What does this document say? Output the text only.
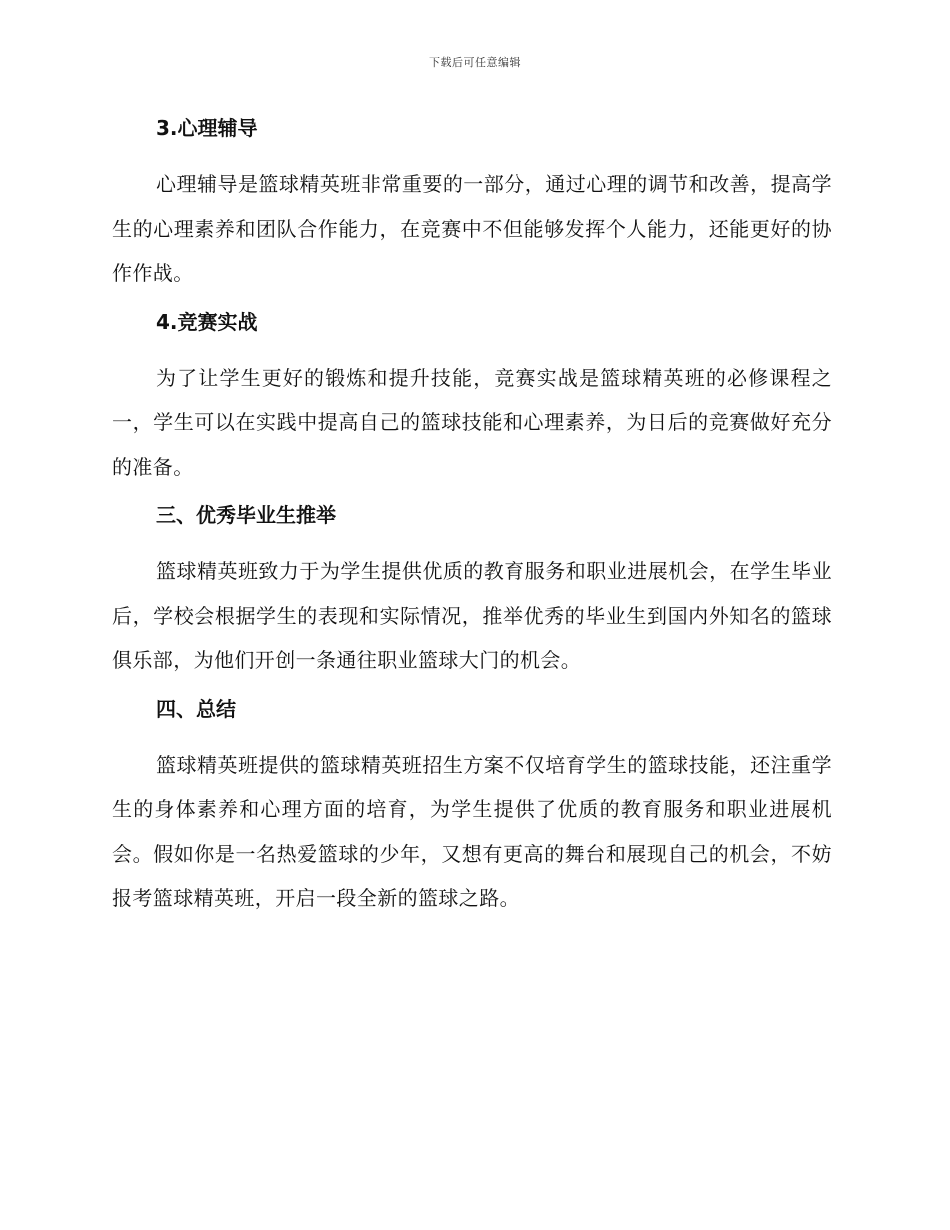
下载后可任意编辑
3.心理辅导

心理辅导是篮球精英班非常重要的一部分，通过心理的调节和改善，提高学生的心理素养和团队合作能力，在竞赛中不但能够发挥个人能力，还能更好的协作作战。

4.竞赛实战

为了让学生更好的锻炼和提升技能，竞赛实战是篮球精英班的必修课程之一，学生可以在实践中提高自己的篮球技能和心理素养，为日后的竞赛做好充分的准备。

三、优秀毕业生推举

篮球精英班致力于为学生提供优质的教育服务和职业进展机会，在学生毕业后，学校会根据学生的表现和实际情况，推举优秀的毕业生到国内外知名的篮球俱乐部，为他们开创一条通往职业篮球大门的机会。

四、总结

篮球精英班提供的篮球精英班招生方案不仅培育学生的篮球技能，还注重学生的身体素养和心理方面的培育，为学生提供了优质的教育服务和职业进展机会。假如你是一名热爱篮球的少年，又想有更高的舞台和展现自己的机会，不妨报考篮球精英班，开启一段全新的篮球之路。
